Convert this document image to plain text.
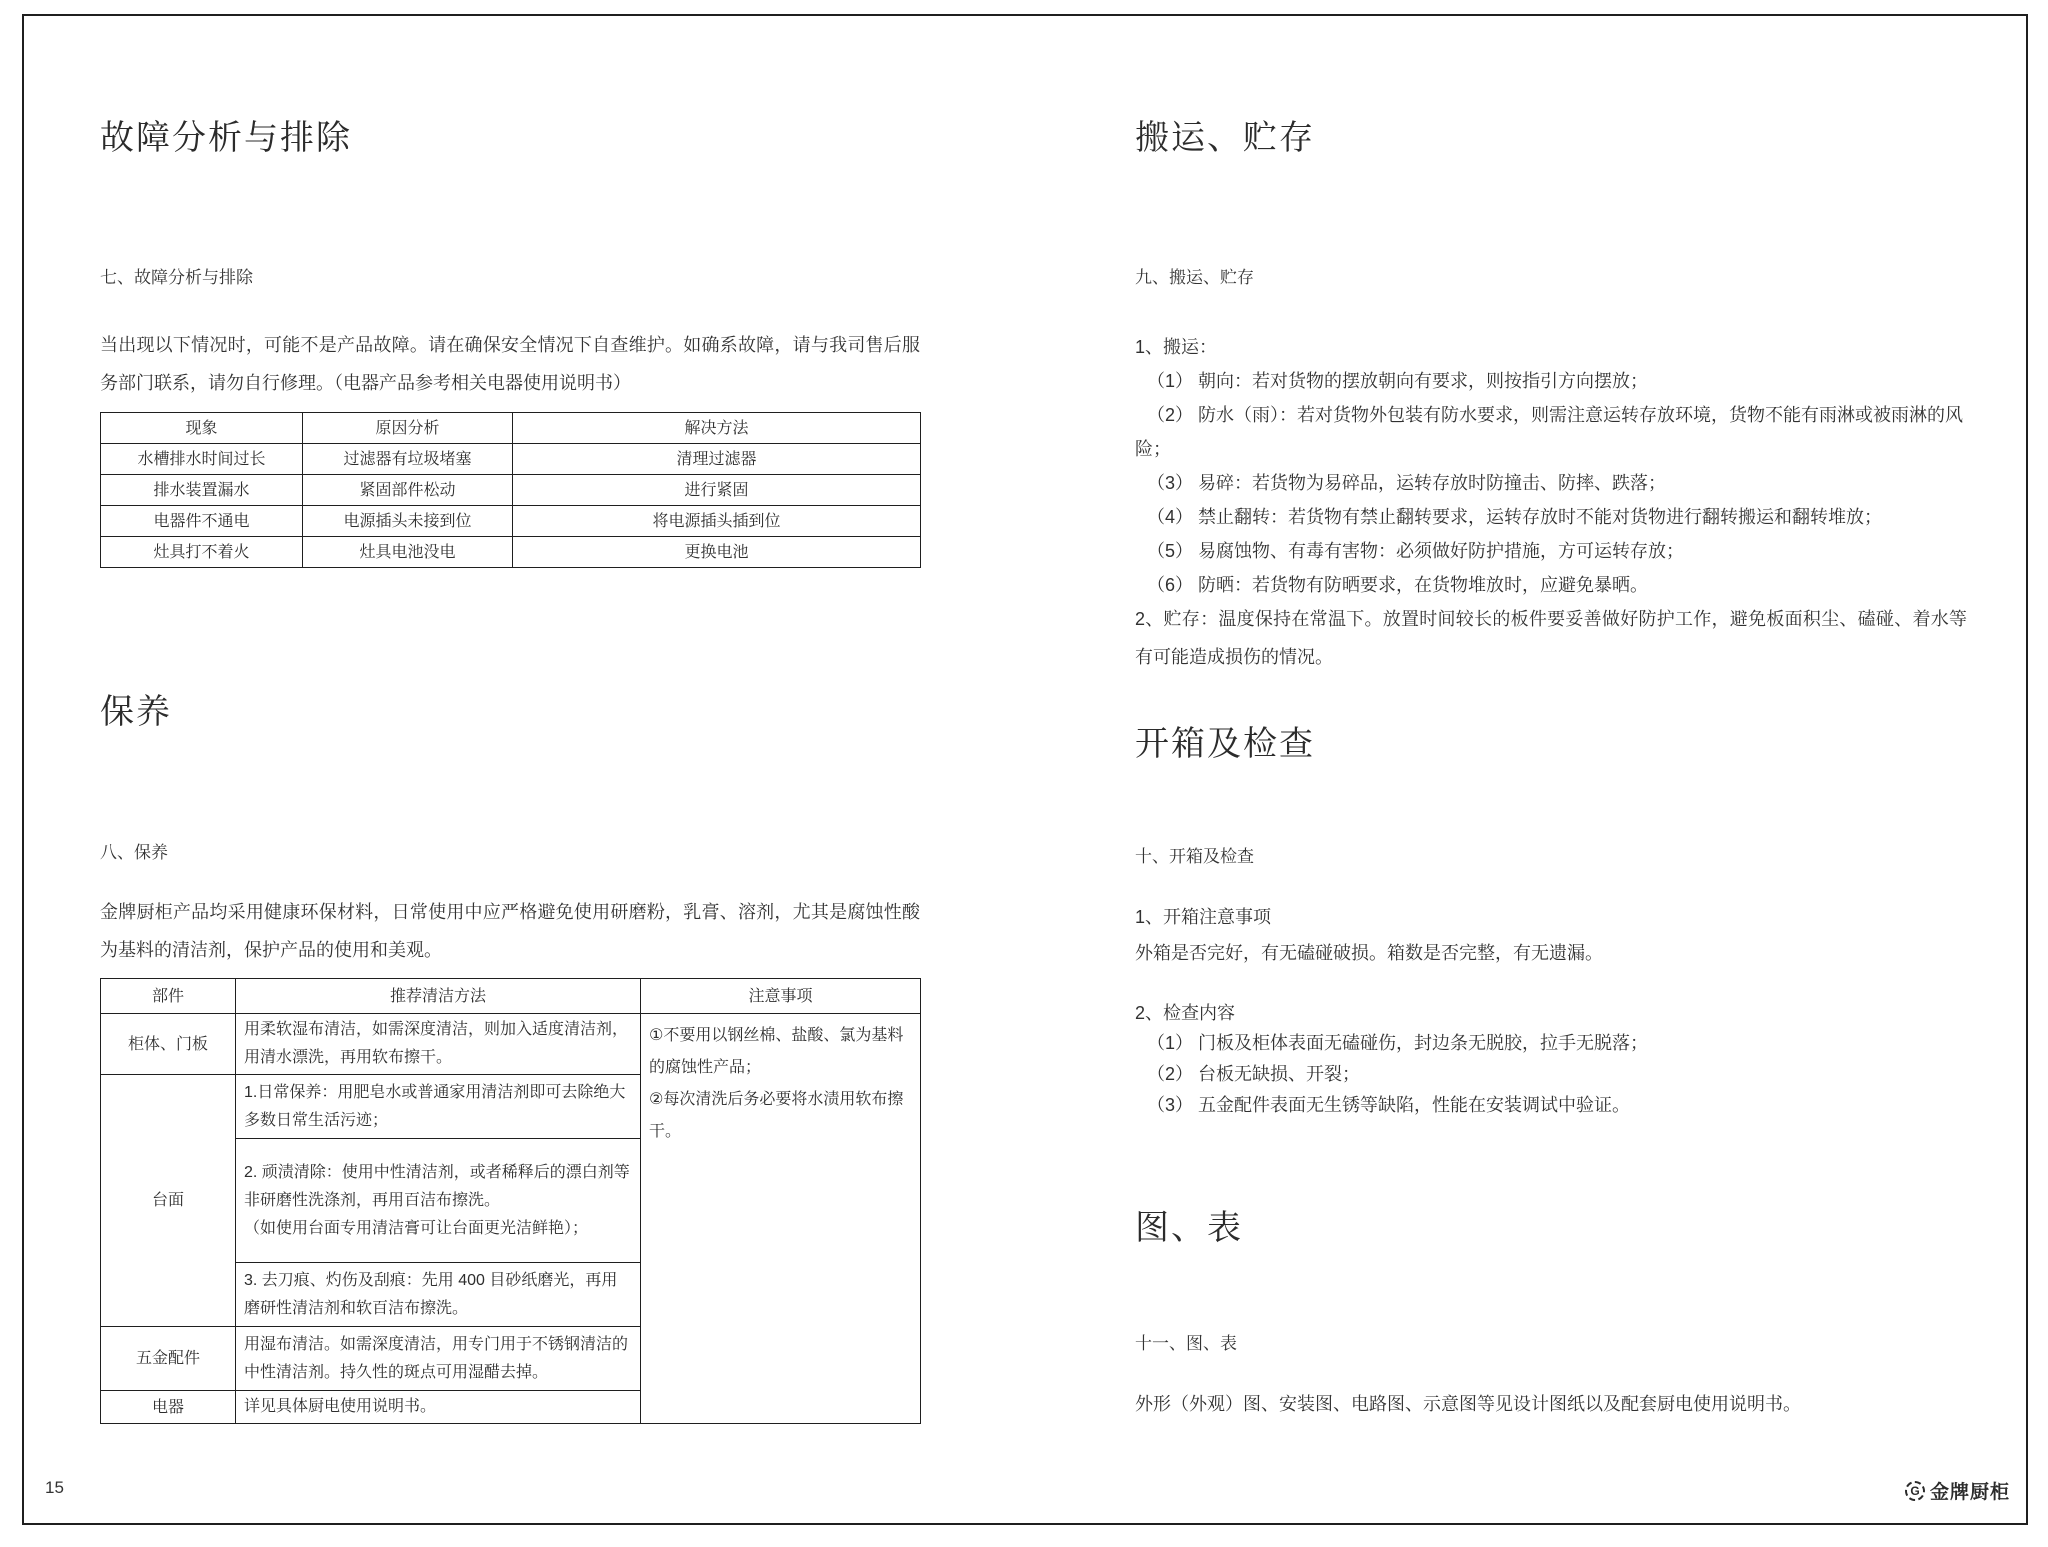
故障分析与排除
七、故障分析与排除
当出现以下情况时，可能不是产品故障。请在确保安全情况下自查维护。如确系故障，请与我司售后服务部门联系，请勿自行修理。（电器产品参考相关电器使用说明书）
现象	原因分析	解决方法
水槽排水时间过长	过滤器有垃圾堵塞	清理过滤器
排水装置漏水	紧固部件松动	进行紧固
电器件不通电	电源插头未接到位	将电源插头插到位
灶具打不着火	灶具电池没电	更换电池
保养
八、保养
金牌厨柜产品均采用健康环保材料，日常使用中应严格避免使用研磨粉，乳膏、溶剂，尤其是腐蚀性酸为基料的清洁剂，保护产品的使用和美观。
部件	推荐清洁方法	注意事项
柜体、门板	用柔软湿布清洁，如需深度清洁，则加入适度清洁剂，用清水漂洗，再用软布擦干。	①不要用以钢丝棉、盐酸、氯为基料的腐蚀性产品；
②每次清洗后务必要将水渍用软布擦干。

台面	1.日常保养：用肥皂水或普通家用清洁剂即可去除绝大多数日常生活污迹；	

	2. 顽渍清除：使用中性清洁剂，或者稀释后的漂白剂等非研磨性洗涤剂，再用百洁布擦洗。
（如使用台面专用清洁膏可让台面更光洁鲜艳）；	

	3. 去刀痕、灼伤及刮痕：先用 400 目砂纸磨光，再用磨研性清洁剂和软百洁布擦洗。	
五金配件	用湿布清洁。如需深度清洁，用专门用于不锈钢清洁的中性清洁剂。持久性的斑点可用湿醋去掉。	
电器	详见具体厨电使用说明书。	
搬运、贮存
九、搬运、贮存
1、搬运：
（1） 朝向：若对货物的摆放朝向有要求，则按指引方向摆放；
（2） 防水（雨）：若对货物外包装有防水要求，则需注意运转存放环境，货物不能有雨淋或被雨淋的风险；
（3） 易碎：若货物为易碎品，运转存放时防撞击、防摔、跌落；
（4） 禁止翻转：若货物有禁止翻转要求，运转存放时不能对货物进行翻转搬运和翻转堆放；
（5） 易腐蚀物、有毒有害物：必须做好防护措施，方可运转存放；
（6） 防晒：若货物有防晒要求，在货物堆放时，应避免暴晒。
2、贮存：温度保持在常温下。放置时间较长的板件要妥善做好防护工作，避免板面积尘、磕碰、着水等有可能造成损伤的情况。
开箱及检查
十、开箱及检查
1、开箱注意事项
外箱是否完好，有无磕碰破损。箱数是否完整，有无遗漏。
2、检查内容
（1） 门板及柜体表面无磕碰伤，封边条无脱胶，拉手无脱落；
（2） 台板无缺损、开裂；
（3） 五金配件表面无生锈等缺陷，性能在安装调试中验证。
图、表
十一、图、表
外形（外观）图、安装图、电路图、示意图等见设计图纸以及配套厨电使用说明书。
15	G 金牌厨柜
